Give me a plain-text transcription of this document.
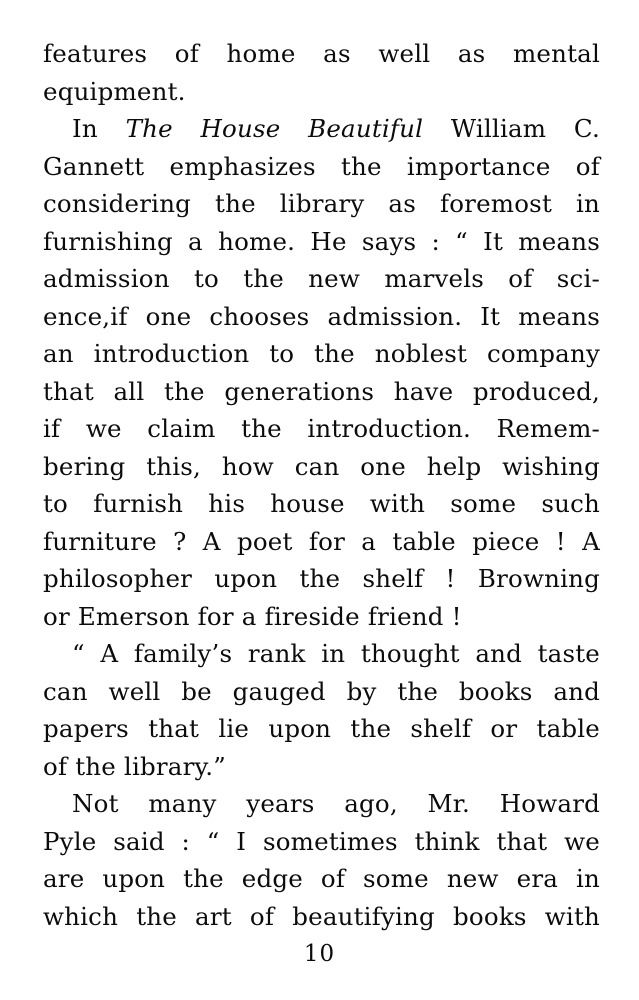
features of home as well as mental
equipment.
In The House Beautiful William C.
Gannett emphasizes the importance of
considering the library as foremost in
furnishing a home. He says : “ It means
admission to the new marvels of sci-
ence,if one chooses admission. It means
an introduction to the noblest company
that all the generations have produced,
if we claim the introduction. Remem-
bering this, how can one help wishing
to furnish his house with some such
furniture ? A poet for a table piece ! A
philosopher upon the shelf ! Browning
or Emerson for a fireside friend !
“ A family’s rank in thought and taste
can well be gauged by the books and
papers that lie upon the shelf or table
of the library.”
Not many years ago, Mr. Howard
Pyle said : “ I sometimes think that we
are upon the edge of some new era in
which the art of beautifying books with
10
